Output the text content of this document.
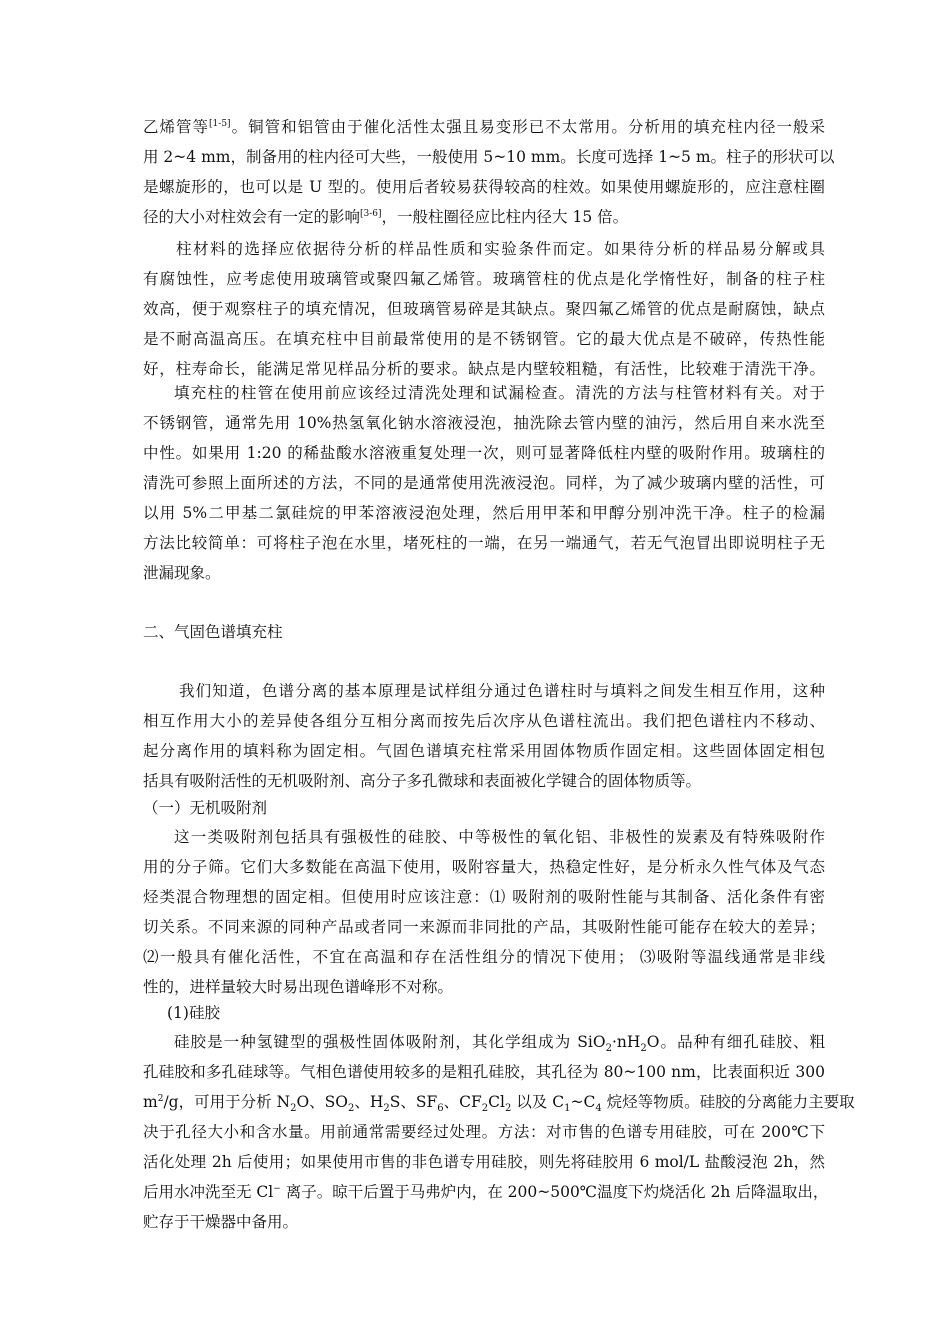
乙烯管等[1-5]。铜管和铝管由于催化活性太强且易变形已不太常用。分析用的填充柱内径一般采
用 2~4 mm，制备用的柱内径可大些，一般使用 5~10 mm。长度可选择 1~5 m。柱子的形状可以
是螺旋形的，也可以是 U 型的。使用后者较易获得较高的柱效。如果使用螺旋形的，应注意柱圈
径的大小对柱效会有一定的影响[3-6]，一般柱圈径应比柱内径大 15 倍。
柱材料的选择应依据待分析的样品性质和实验条件而定。如果待分析的样品易分解或具
有腐蚀性，应考虑使用玻璃管或聚四氟乙烯管。玻璃管柱的优点是化学惰性好，制备的柱子柱
效高，便于观察柱子的填充情况，但玻璃管易碎是其缺点。聚四氟乙烯管的优点是耐腐蚀，缺点
是不耐高温高压。在填充柱中目前最常使用的是不锈钢管。它的最大优点是不破碎，传热性能
好，柱寿命长，能满足常见样品分析的要求。缺点是内壁较粗糙，有活性，比较难于清洗干净。
填充柱的柱管在使用前应该经过清洗处理和试漏检查。清洗的方法与柱管材料有关。对于
不锈钢管，通常先用 10%热氢氧化钠水溶液浸泡，抽洗除去管内壁的油污，然后用自来水洗至
中性。如果用 1:20 的稀盐酸水溶液重复处理一次，则可显著降低柱内壁的吸附作用。玻璃柱的
清洗可参照上面所述的方法，不同的是通常使用洗液浸泡。同样，为了减少玻璃内壁的活性，可
以用 5%二甲基二氯硅烷的甲苯溶液浸泡处理，然后用甲苯和甲醇分别冲洗干净。柱子的检漏
方法比较简单：可将柱子泡在水里，堵死柱的一端，在另一端通气，若无气泡冒出即说明柱子无
泄漏现象。
二、气固色谱填充柱
我们知道，色谱分离的基本原理是试样组分通过色谱柱时与填料之间发生相互作用，这种
相互作用大小的差异使各组分互相分离而按先后次序从色谱柱流出。我们把色谱柱内不移动、
起分离作用的填料称为固定相。气固色谱填充柱常采用固体物质作固定相。这些固体固定相包
括具有吸附活性的无机吸附剂、高分子多孔微球和表面被化学键合的固体物质等。
（一）无机吸附剂
这一类吸附剂包括具有强极性的硅胶、中等极性的氧化铝、非极性的炭素及有特殊吸附作
用的分子筛。它们大多数能在高温下使用，吸附容量大，热稳定性好，是分析永久性气体及气态
烃类混合物理想的固定相。但使用时应该注意：⑴ 吸附剂的吸附性能与其制备、活化条件有密
切关系。不同来源的同种产品或者同一来源而非同批的产品，其吸附性能可能存在较大的差异；
⑵一般具有催化活性，不宜在高温和存在活性组分的情况下使用； ⑶吸附等温线通常是非线
性的，进样量较大时易出现色谱峰形不对称。
(1)硅胶
硅胶是一种氢键型的强极性固体吸附剂，其化学组成为 $SiO_2\cdot nH_2O$。品种有细孔硅胶、粗
孔硅胶和多孔硅球等。气相色谱使用较多的是粗孔硅胶，其孔径为 80~100 nm，比表面积近 300
$m^2/g$，可用于分析 $N_2O$、$SO_2$、$H_2S$、$SF_6$、$CF_2Cl_2$ 以及 $C_1\sim C_4$ 烷烃等物质。硅胶的分离能力主要取
决于孔径大小和含水量。用前通常需要经过处理。方法：对市售的色谱专用硅胶，可在 200℃下
活化处理 2h 后使用；如果使用市售的非色谱专用硅胶，则先将硅胶用 6 mol/L 盐酸浸泡 2h，然
后用水冲洗至无 Cl− 离子。晾干后置于马弗炉内，在 200~500℃温度下灼烧活化 2h 后降温取出，
贮存于干燥器中备用。
